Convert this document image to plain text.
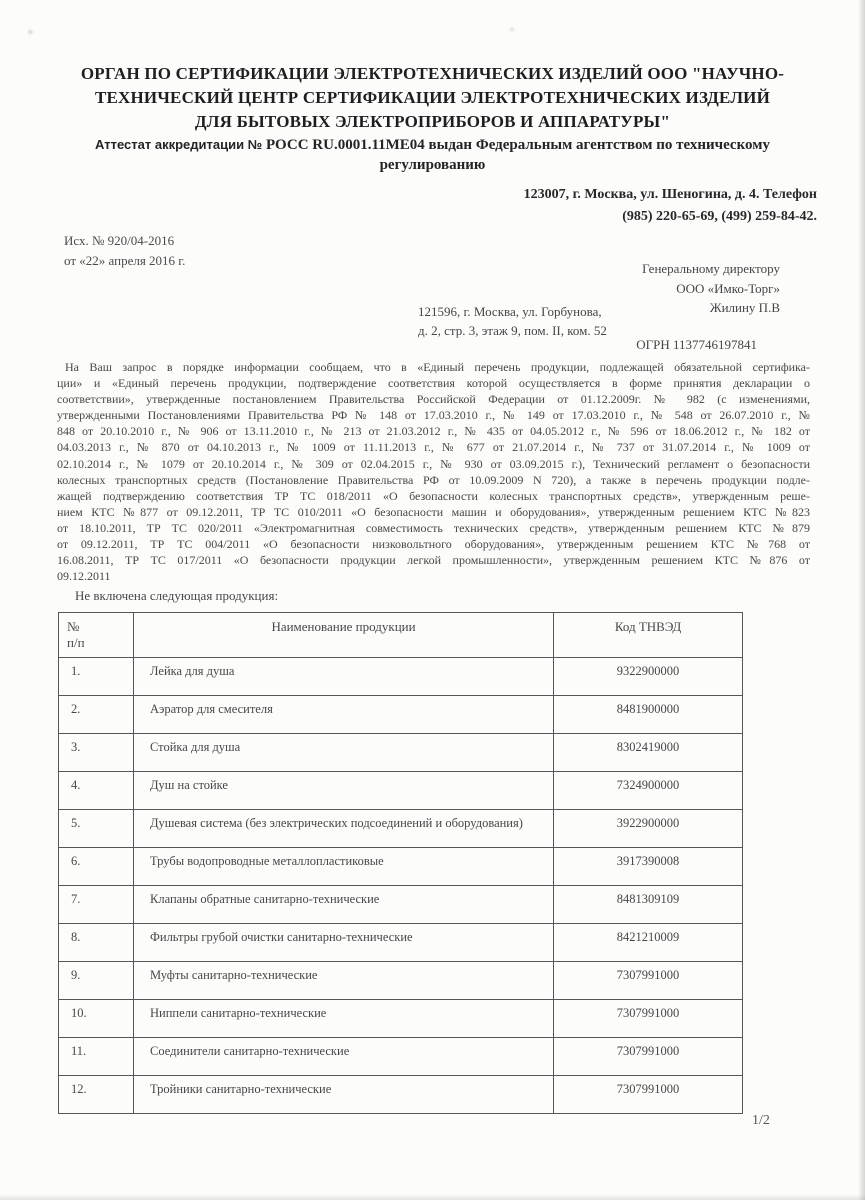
ОРГАН ПО СЕРТИФИКАЦИИ ЭЛЕКТРОТЕХНИЧЕСКИХ ИЗДЕЛИЙ ООО "НАУЧНО-
ТЕХНИЧЕСКИЙ ЦЕНТР СЕРТИФИКАЦИИ ЭЛЕКТРОТЕХНИЧЕСКИХ ИЗДЕЛИЙ
ДЛЯ БЫТОВЫХ ЭЛЕКТРОПРИБОРОВ И АППАРАТУРЫ"
Аттестат аккредитации № РОСС RU.0001.11МЕ04 выдан Федеральным агентством по техническому регулированию
123007, г. Москва, ул. Шеногина, д. 4. Телефон
(985) 220-65-69, (499) 259-84-42.
Исх. № 920/04-2016
от «22» апреля 2016 г.
Генеральному директору
ООО «Имко-Торг»
Жилину П.В
121596, г. Москва, ул. Горбунова,
д. 2, стр. 3, этаж 9, пом. II, ком. 52
ОГРН 1137746197841
На Ваш запрос в порядке информации сообщаем, что в «Единый перечень продукции, подлежащей обязательной сертифика-
ции» и «Единый перечень продукции, подтверждение соответствия которой осуществляется в форме принятия декларации о
соответствии», утвержденные постановлением Правительства Российской Федерации от 01.12.2009г. № 982 (с изменениями,
утвержденными Постановлениями Правительства РФ № 148 от 17.03.2010 г., № 149 от 17.03.2010 г., № 548 от 26.07.2010 г., №
848 от 20.10.2010 г., № 906 от 13.11.2010 г., № 213 от 21.03.2012 г., № 435 от 04.05.2012 г., № 596 от 18.06.2012 г., № 182 от
04.03.2013 г., № 870 от 04.10.2013 г., № 1009 от 11.11.2013 г., № 677 от 21.07.2014 г., № 737 от 31.07.2014 г., № 1009 от
02.10.2014 г., № 1079 от 20.10.2014 г., № 309 от 02.04.2015 г., № 930 от 03.09.2015 г.), Технический регламент о безопасности
колесных транспортных средств (Постановление Правительства РФ от 10.09.2009 N 720), а также в перечень продукции подле-
жащей подтверждению соответствия ТР ТС 018/2011 «О безопасности колесных транспортных средств», утвержденным реше-
нием КТС №877 от 09.12.2011, ТР ТС 010/2011 «О безопасности машин и оборудования», утвержденным решением КТС №823
от 18.10.2011, ТР ТС 020/2011 «Электромагнитная совместимость технических средств», утвержденным решением КТС №879
от 09.12.2011, ТР ТС 004/2011 «О безопасности низковольтного оборудования», утвержденным решением КТС №768 от
16.08.2011, ТР ТС 017/2011 «О безопасности продукции легкой промышленности», утвержденным решением КТС №876 от
09.12.2011
Не включена следующая продукция:
№
п/п	Наименование продукции	Код ТНВЭД
1.	Лейка для душа	9322900000
2.	Аэратор для смесителя	8481900000
3.	Стойка для душа	8302419000
4.	Душ на стойке	7324900000
5.	Душевая система (без электрических подсоединений и оборудования)	3922900000
6.	Трубы водопроводные металлопластиковые	3917390008
7.	Клапаны обратные санитарно-технические	8481309109
8.	Фильтры грубой очистки санитарно-технические	8421210009
9.	Муфты санитарно-технические	7307991000
10.	Ниппели санитарно-технические	7307991000
11.	Соединители санитарно-технические	7307991000
12.	Тройники санитарно-технические	7307991000
1/2
